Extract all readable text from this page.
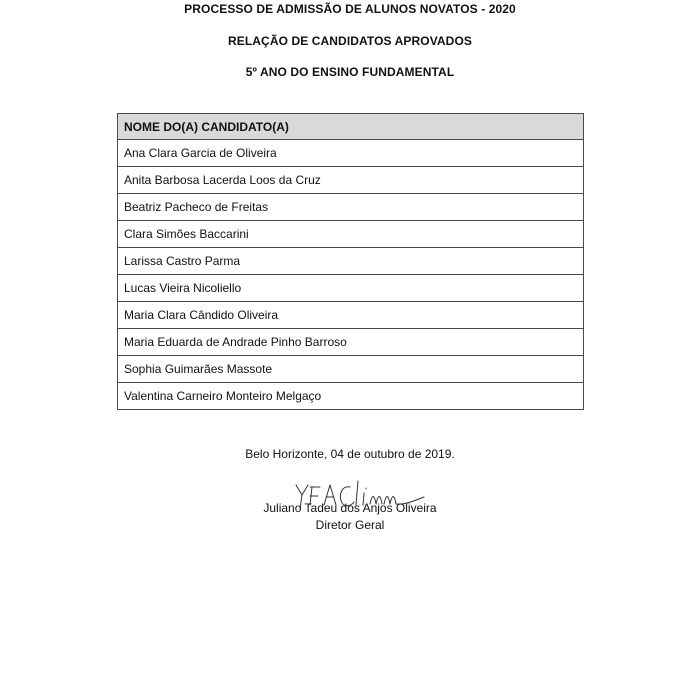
PROCESSO DE ADMISSÃO DE ALUNOS NOVATOS - 2020
RELAÇÃO DE CANDIDATOS APROVADOS
5º ANO DO ENSINO FUNDAMENTAL
NOME DO(A) CANDIDATO(A)
Ana Clara Garcia de Oliveira
Anita Barbosa Lacerda Loos da Cruz
Beatriz Pacheco de Freitas
Clara Simões Baccarini
Larissa Castro Parma
Lucas Vieira Nicoliello
Maria Clara Cândido Oliveira
Maria Eduarda de Andrade Pinho Barroso
Sophia Guimarães Massote
Valentina Carneiro Monteiro Melgaço
Belo Horizonte, 04 de outubro de 2019.
Juliano Tadeu dos Anjos Oliveira
Diretor Geral
